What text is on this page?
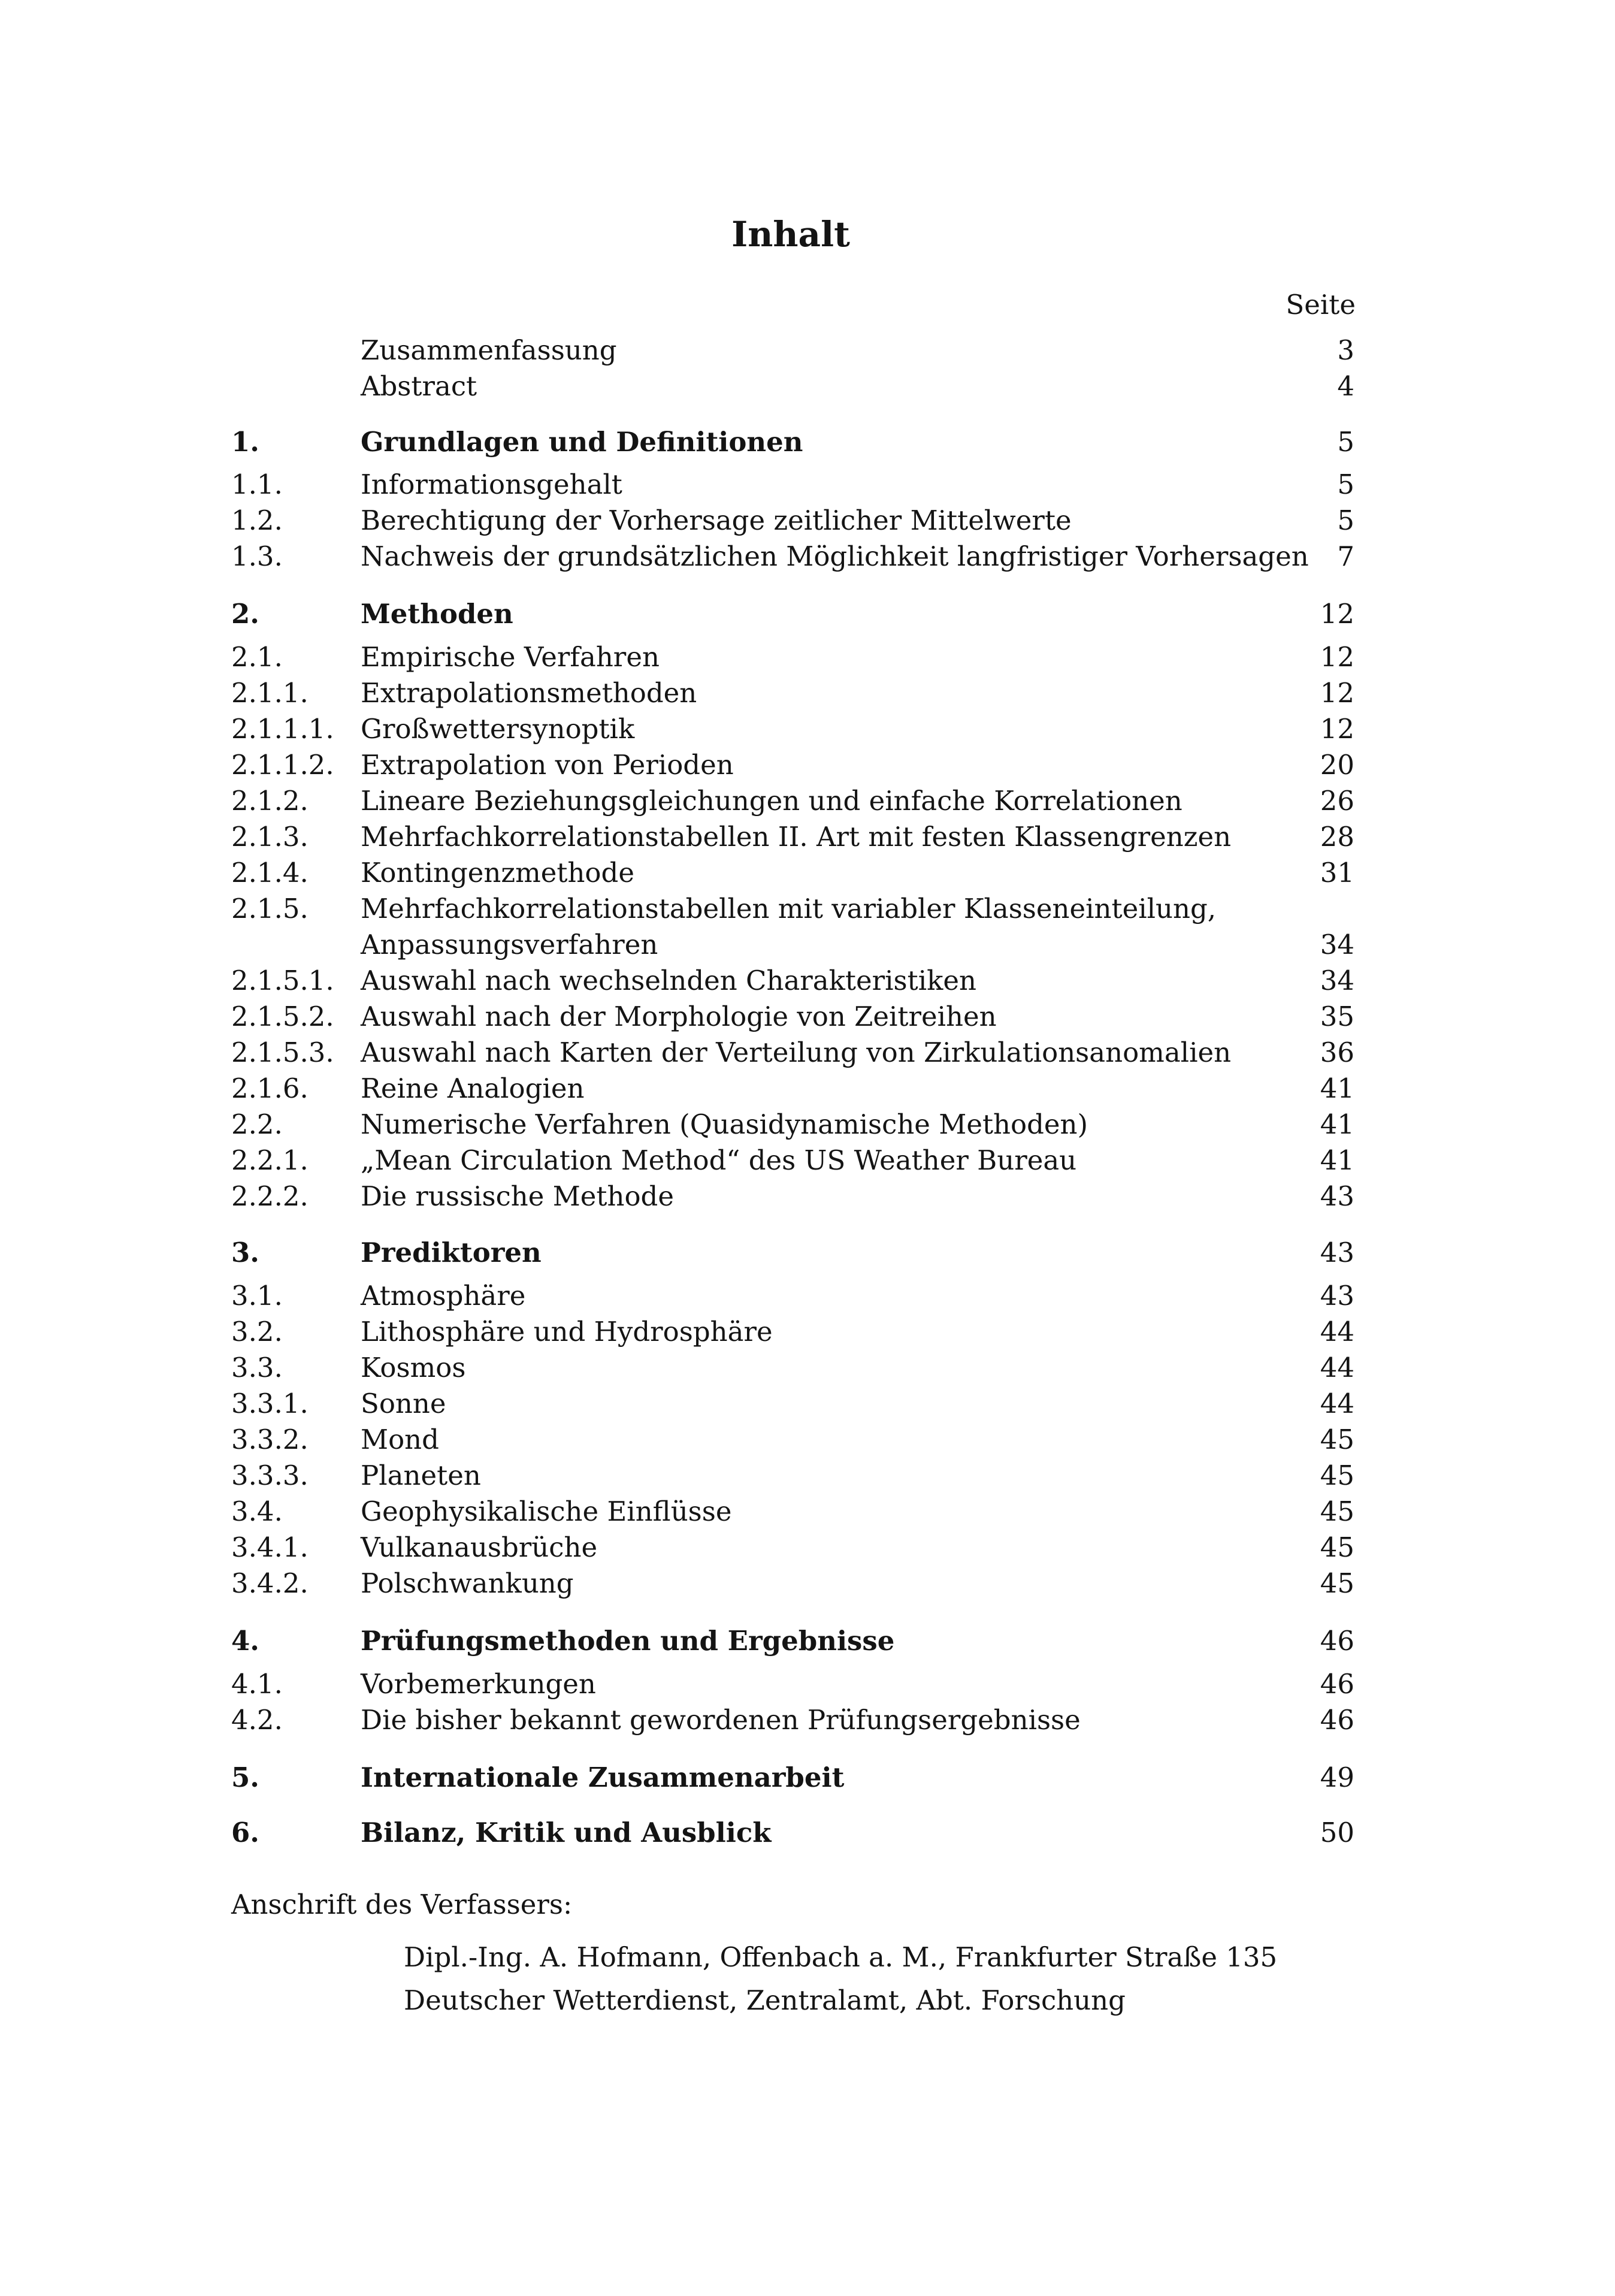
Inhalt
Seite
Zusammenfassung	3
Abstract	4
1.	Grundlagen und Definitionen	5
1.1.	Informationsgehalt	5
1.2.	Berechtigung der Vorhersage zeitlicher Mittelwerte	5
1.3.	Nachweis der grundsätzlichen Möglichkeit langfristiger Vorhersagen 7
2.	Methoden	12
2.1.	Empirische Verfahren	12
2.1.1. Extrapolationsmethoden	12
2.1.1.1. Großwettersynoptik	12
2.1.1.2. Extrapolation von Perioden	20
2.1.2. Lineare Beziehungsgleichungen und einfache Korrelationen	26
2.1.3. Mehrfachkorrelationstabellen II. Art mit festen Klassengrenzen	28
2.1.4. Kontingenzmethode	31
2.1.5. Mehrfachkorrelationstabellen mit variabler Klasseneinteilung,
Anpassungsverfahren	34
2.1.5.1. Auswahl nach wechselnden Charakteristiken	34
2.1.5.2. Auswahl nach der Morphologie von Zeitreihen	35
2.1.5.3. Auswahl nach Karten der Verteilung von Zirkulationsanomalien	36
2.1.6. Reine Analogien	41
2.2.	Numerische Verfahren (Quasidynamische Methoden)	41
2.2.1. „Mean Circulation Method“ des US Weather Bureau	41
2.2.2. Die russische Methode	43
3.	Prediktoren	43
3.1.	Atmosphäre	43
3.2.	Lithosphäre und Hydrosphäre	44
3.3.	Kosmos	44
3.3.1. Sonne	44
3.3.2. Mond	45
3.3.3. Planeten	45
3.4.	Geophysikalische Einflüsse	45
3.4.1. Vulkanausbrüche	45
3.4.2. Polschwankung	45
4.	Prüfungsmethoden und Ergebnisse	46
4.1.	Vorbemerkungen	46
4.2.	Die bisher bekannt gewordenen Prüfungsergebnisse	46
5.	Internationale Zusammenarbeit	49
6.	Bilanz, Kritik und Ausblick	50
Anschrift des Verfassers:
Dipl.-Ing. A. Hofmann, Offenbach a. M., Frankfurter Straße 135
Deutscher Wetterdienst, Zentralamt, Abt. Forschung
